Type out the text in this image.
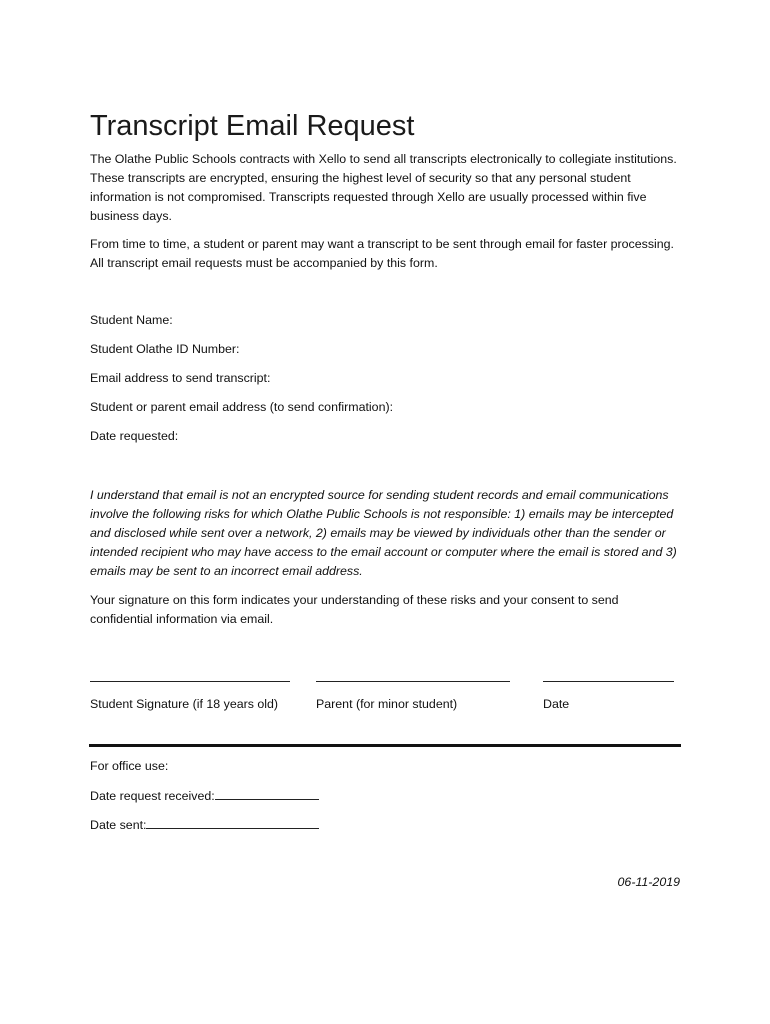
Transcript Email Request
The Olathe Public Schools contracts with Xello to send all transcripts electronically to collegiate institutions. These transcripts are encrypted, ensuring the highest level of security so that any personal student information is not compromised. Transcripts requested through Xello are usually processed within five business days.
From time to time, a student or parent may want a transcript to be sent through email for faster processing. All transcript email requests must be accompanied by this form.
Student Name:
Student Olathe ID Number:
Email address to send transcript:
Student or parent email address (to send confirmation):
Date requested:
I understand that email is not an encrypted source for sending student records and email communications involve the following risks for which Olathe Public Schools is not responsible: 1) emails may be intercepted and disclosed while sent over a network, 2) emails may be viewed by individuals other than the sender or intended recipient who may have access to the email account or computer where the email is stored and 3) emails may be sent to an incorrect email address.
Your signature on this form indicates your understanding of these risks and your consent to send confidential information via email.
Student Signature (if 18 years old)	Parent (for minor student)	Date
For office use:
Date request received:
Date sent:
06-11-2019
